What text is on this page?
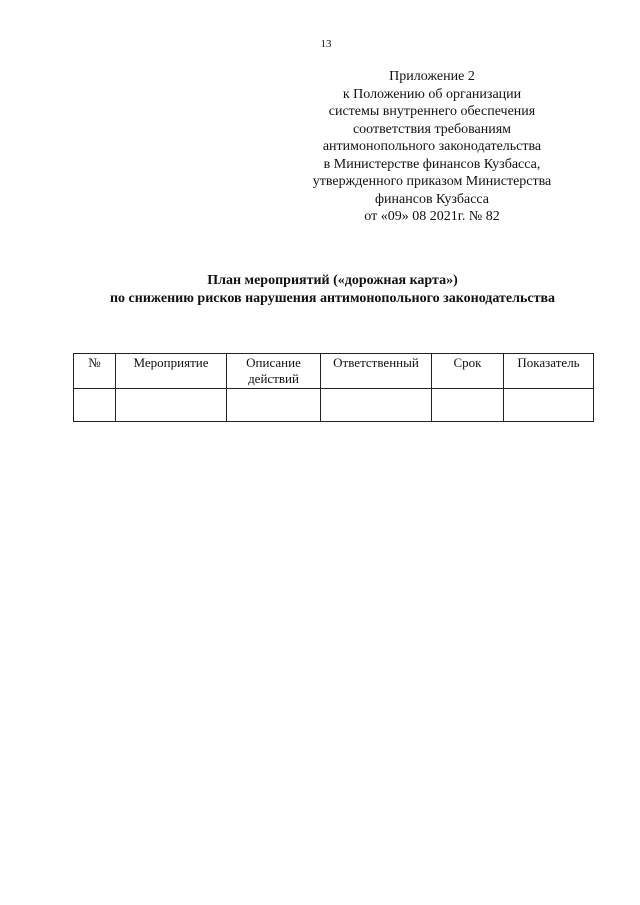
13
Приложение 2
к Положению об организации
системы внутреннего обеспечения
соответствия требованиям
антимонопольного законодательства
в Министерстве финансов Кузбасса,
утвержденного приказом Министерства
финансов Кузбасса
от «09» 08 2021г. № 82
План мероприятий («дорожная карта»)
по снижению рисков нарушения антимонопольного законодательства
№	Мероприятие	Описание действий	Ответственный	Срок	Показатель
